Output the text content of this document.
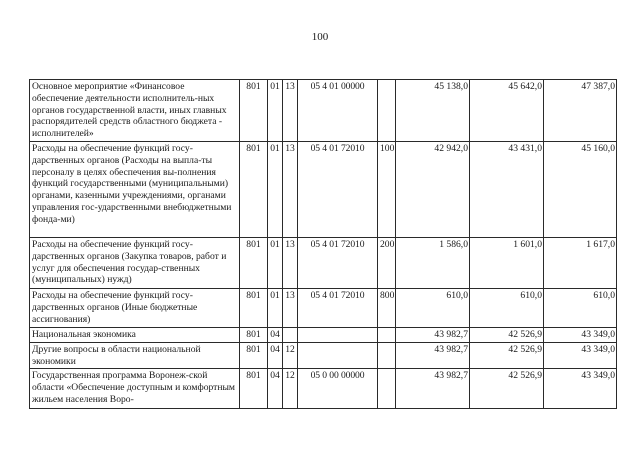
100
Основное мероприятие «Финансовое обеспечение деятельности исполнитель-ных органов государственной власти, иных главных распорядителей средств областного бюджета - исполнителей»	801	01	13	05 4 01 00000		45 138,0	45 642,0	47 387,0
Расходы на обеспечение функций госу-дарственных органов (Расходы на выпла-ты персоналу в целях обеспечения вы-полнения функций государственными (муниципальными) органами, казенными учреждениями, органами управления гос-ударственными внебюджетными фонда-ми)	801	01	13	05 4 01 72010	100	42 942,0	43 431,0	45 160,0
Расходы на обеспечение функций госу-дарственных органов (Закупка товаров, работ и услуг для обеспечения государ-ственных (муниципальных) нужд)	801	01	13	05 4 01 72010	200	1 586,0	1 601,0	1 617,0
Расходы на обеспечение функций госу-дарственных органов (Иные бюджетные ассигнования)	801	01	13	05 4 01 72010	800	610,0	610,0	610,0
Национальная экономика	801	04				43 982,7	42 526,9	43 349,0
Другие вопросы в области национальной экономики	801	04	12			43 982,7	42 526,9	43 349,0
Государственная программа Воронеж-ской области «Обеспечение доступным и комфортным жильем населения Воро-	801	04	12	05 0 00 00000		43 982,7	42 526,9	43 349,0
